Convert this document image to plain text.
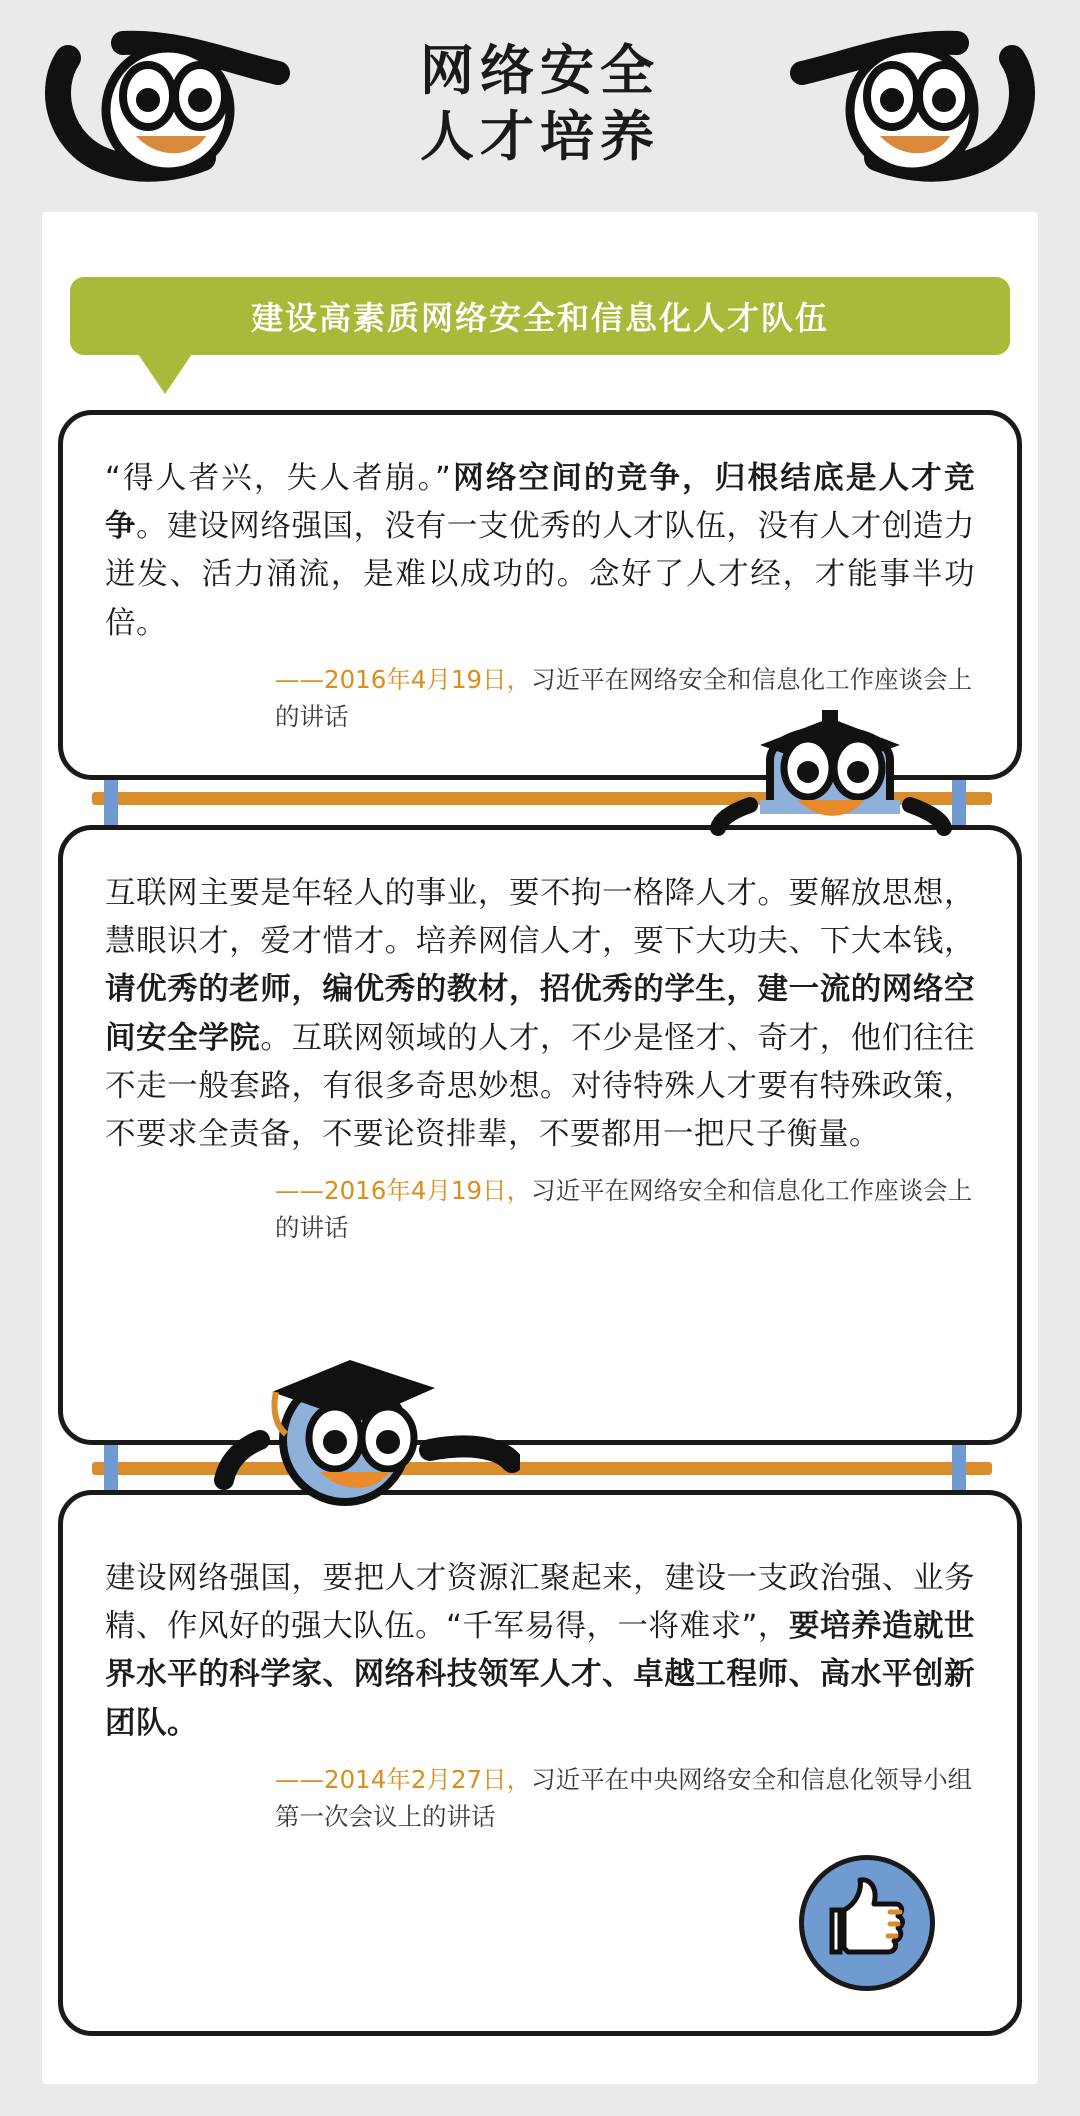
网络安全
人才培养
建设高素质网络安全和信息化人才队伍
“得人者兴，失人者崩。”网络空间的竞争，归根结底是人才竞争。建设网络强国，没有一支优秀的人才队伍，没有人才创造力迸发、活力涌流，是难以成功的。念好了人才经，才能事半功倍。
——2016年4月19日，习近平在网络安全和信息化工作座谈会上的讲话
互联网主要是年轻人的事业，要不拘一格降人才。要解放思想，慧眼识才，爱才惜才。培养网信人才，要下大功夫、下大本钱，请优秀的老师，编优秀的教材，招优秀的学生，建一流的网络空间安全学院。互联网领域的人才，不少是怪才、奇才，他们往往不走一般套路，有很多奇思妙想。对待特殊人才要有特殊政策，不要求全责备，不要论资排辈，不要都用一把尺子衡量。
——2016年4月19日，习近平在网络安全和信息化工作座谈会上的讲话
建设网络强国，要把人才资源汇聚起来，建设一支政治强、业务精、作风好的强大队伍。“千军易得，一将难求”，要培养造就世界水平的科学家、网络科技领军人才、卓越工程师、高水平创新团队。
——2014年2月27日，习近平在中央网络安全和信息化领导小组第一次会议上的讲话
